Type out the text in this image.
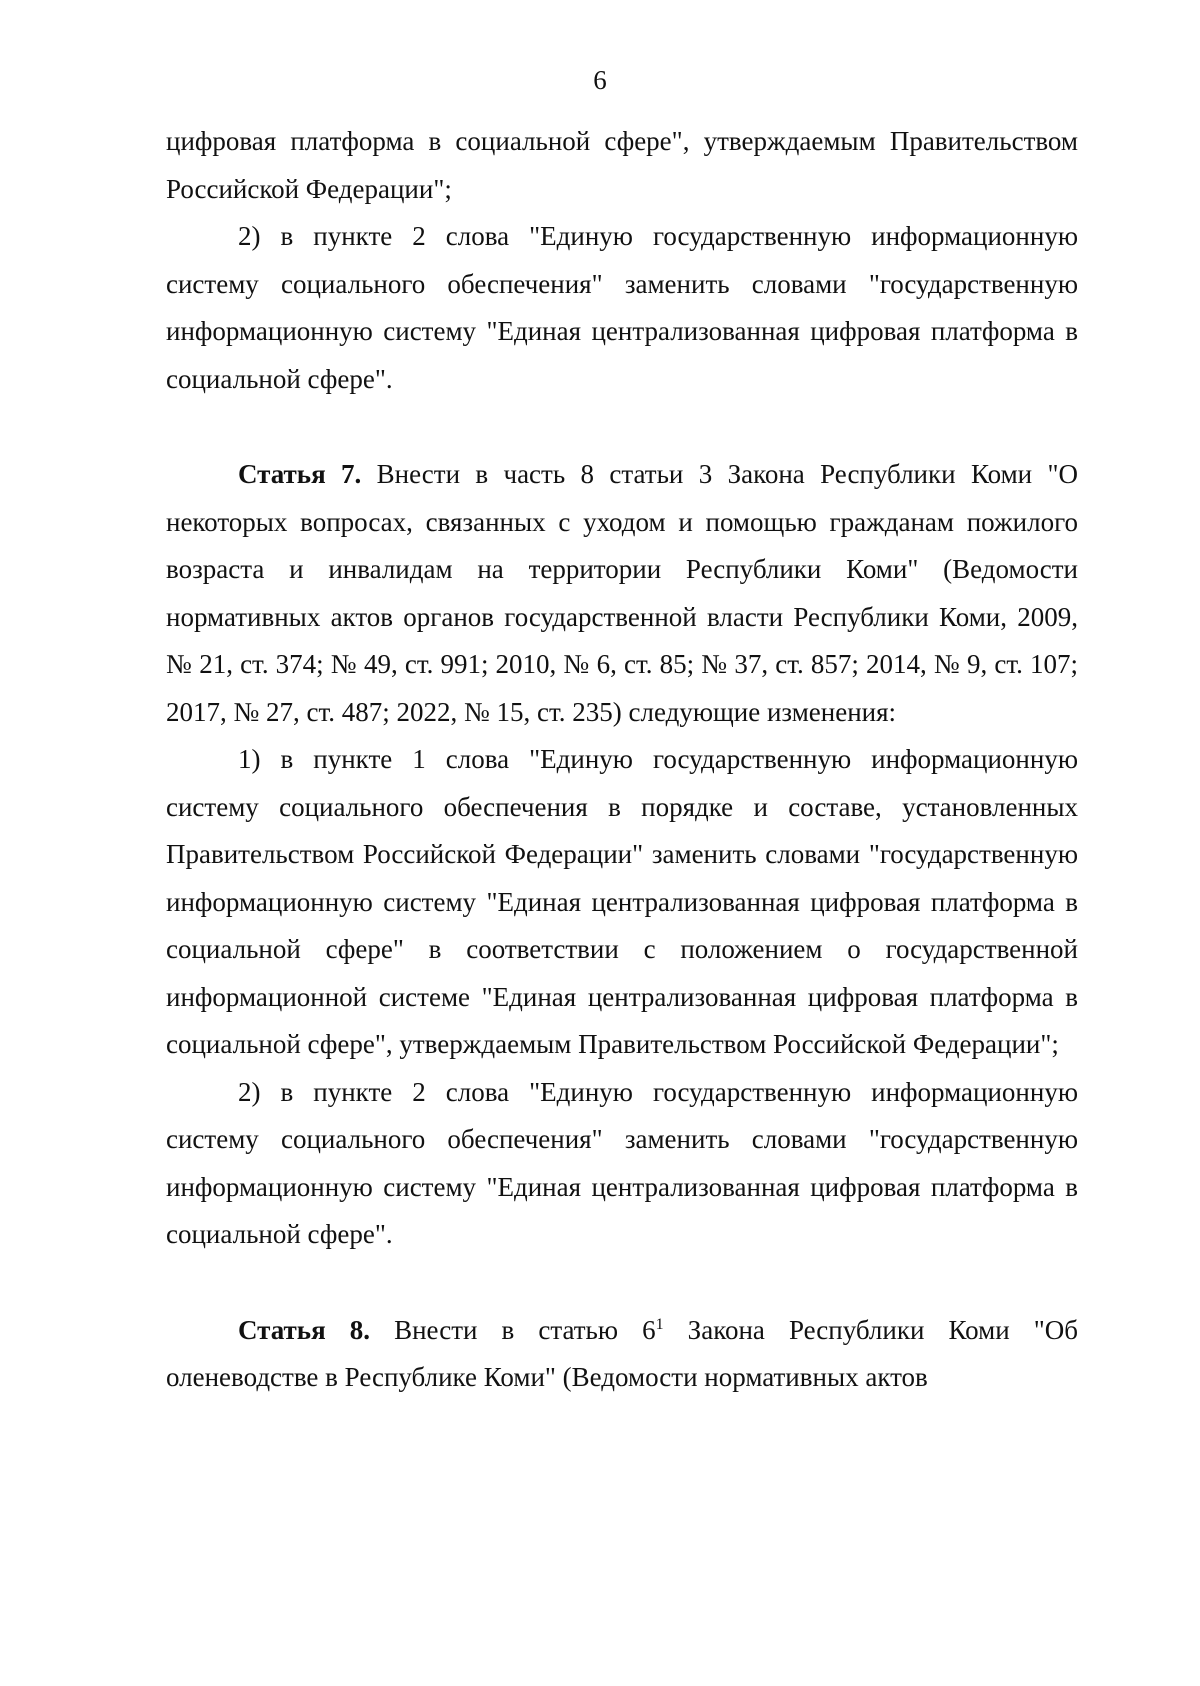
6

цифровая платформа в социальной сфере", утверждаемым Правительством Российской Федерации";

2) в пункте 2 слова "Единую государственную информационную систему социального обеспечения" заменить словами "государственную информационную систему "Единая централизованная цифровая платформа в социальной сфере".

Статья 7. Внести в часть 8 статьи 3 Закона Республики Коми "О некоторых вопросах, связанных с уходом и помощью гражданам пожилого возраста и инвалидам на территории Республики Коми" (Ведомости нормативных актов органов государственной власти Республики Коми, 2009, № 21, ст. 374; № 49, ст. 991; 2010, № 6, ст. 85; № 37, ст. 857; 2014, № 9, ст. 107; 2017, № 27, ст. 487; 2022, № 15, ст. 235) следующие изменения:

1) в пункте 1 слова "Единую государственную информационную систему социального обеспечения в порядке и составе, установленных Правительством Российской Федерации" заменить словами "государственную информационную систему "Единая централизованная цифровая платформа в социальной сфере" в соответствии с положением о государственной информационной системе "Единая централизованная цифровая платформа в социальной сфере", утверждаемым Правительством Российской Федерации";

2) в пункте 2 слова "Единую государственную информационную систему социального обеспечения" заменить словами "государственную информационную систему "Единая централизованная цифровая платформа в социальной сфере".

Статья 8. Внести в статью $6^1$ Закона Республики Коми "Об оленеводстве в Республике Коми" (Ведомости нормативных актов
